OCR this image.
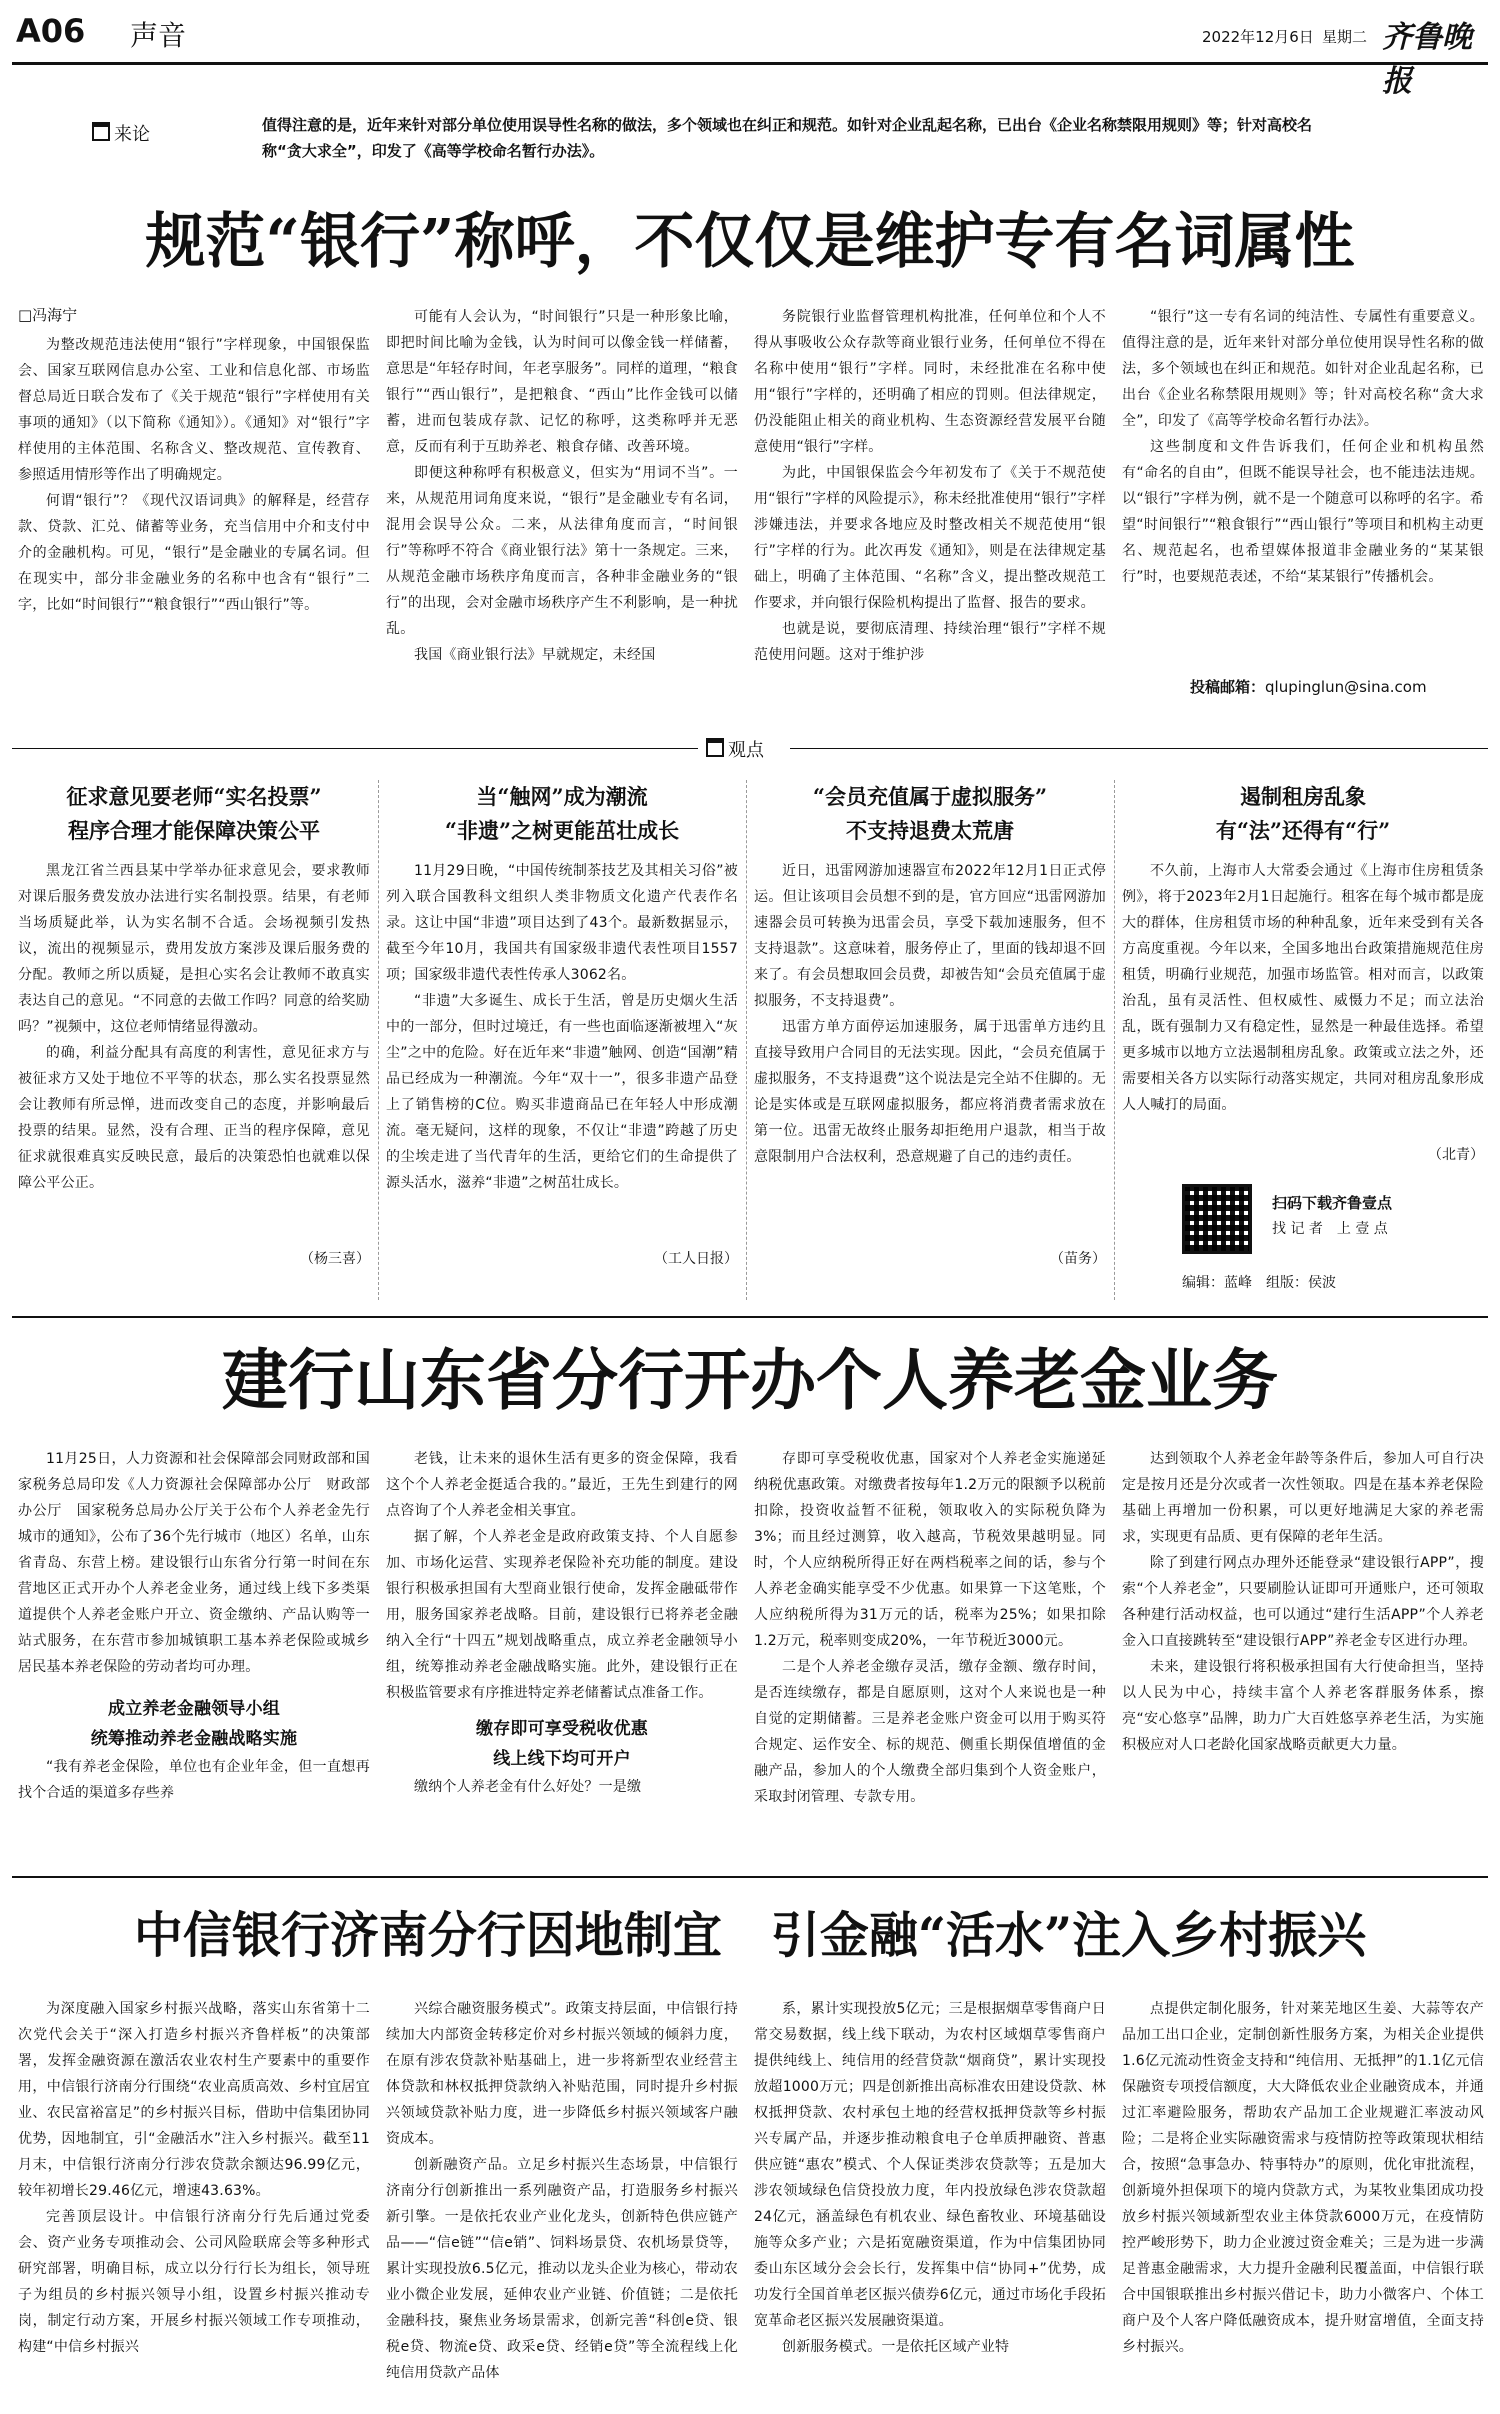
A06 声音	2022年12月6日 星期二 齐鲁晚报
来论	值得注意的是，近年来针对部分单位使用误导性名称的做法，多个领域也在纠正和规范。如针对企业乱起名称，已出台《企业名称禁限用规则》等；针对高校名称“贪大求全”，印发了《高等学校命名暂行办法》。
规范“银行”称呼，不仅仅是维护专有名词属性
□冯海宁

为整改规范违法使用“银行”字样现象，中国银保监会、国家互联网信息办公室、工业和信息化部、市场监督总局近日联合发布了《关于规范“银行”字样使用有关事项的通知》（以下简称《通知》）。《通知》对“银行”字样使用的主体范围、名称含义、整改规范、宣传教育、参照适用情形等作出了明确规定。

何谓“银行”？《现代汉语词典》的解释是，经营存款、贷款、汇兑、储蓄等业务，充当信用中介和支付中介的金融机构。可见，“银行”是金融业的专属名词。但在现实中，部分非金融业务的名称中也含有“银行”二字，比如“时间银行”“粮食银行”“西山银行”等。

可能有人会认为，“时间银行”只是一种形象比喻，即把时间比喻为金钱，认为时间可以像金钱一样储蓄，意思是“年轻存时间，年老享服务”。同样的道理，“粮食银行”“西山银行”，是把粮食、“西山”比作金钱可以储蓄，进而包装成存款、记忆的称呼，这类称呼并无恶意，反而有利于互助养老、粮食存储、改善环境。

即便这种称呼有积极意义，但实为“用词不当”。一来，从规范用词角度来说，“银行”是金融业专有名词，混用会误导公众。二来，从法律角度而言，“时间银行”等称呼不符合《商业银行法》第十一条规定。三来，从规范金融市场秩序角度而言，各种非金融业务的“银行”的出现，会对金融市场秩序产生不利影响，是一种扰乱。

我国《商业银行法》早就规定，未经国

务院银行业监督管理机构批准，任何单位和个人不得从事吸收公众存款等商业银行业务，任何单位不得在名称中使用“银行”字样。同时，未经批准在名称中使用“银行”字样的，还明确了相应的罚则。但法律规定，仍没能阻止相关的商业机构、生态资源经营发展平台随意使用“银行”字样。

为此，中国银保监会今年初发布了《关于不规范使用“银行”字样的风险提示》，称未经批准使用“银行”字样涉嫌违法，并要求各地应及时整改相关不规范使用“银行”字样的行为。此次再发《通知》，则是在法律规定基础上，明确了主体范围、“名称”含义，提出整改规范工作要求，并向银行保险机构提出了监督、报告的要求。

也就是说，要彻底清理、持续治理“银行”字样不规范使用问题。这对于维护涉

“银行”这一专有名词的纯洁性、专属性有重要意义。值得注意的是，近年来针对部分单位使用误导性名称的做法，多个领域也在纠正和规范。如针对企业乱起名称，已出台《企业名称禁限用规则》等；针对高校名称“贪大求全”，印发了《高等学校命名暂行办法》。

这些制度和文件告诉我们，任何企业和机构虽然有“命名的自由”，但既不能误导社会，也不能违法违规。以“银行”字样为例，就不是一个随意可以称呼的名字。希望“时间银行”“粮食银行”“西山银行”等项目和机构主动更名、规范起名，也希望媒体报道非金融业务的“某某银行”时，也要规范表述，不给“某某银行”传播机会。

投稿邮箱：qlupinglun@sina.com
观点
征求意见要老师“实名投票”
程序合理才能保障决策公平

黑龙江省兰西县某中学举办征求意见会，要求教师对课后服务费发放办法进行实名制投票。结果，有老师当场质疑此举，认为实名制不合适。会场视频引发热议，流出的视频显示，费用发放方案涉及课后服务费的分配。教师之所以质疑，是担心实名会让教师不敢真实表达自己的意见。“不同意的去做工作吗？同意的给奖励吗？”视频中，这位老师情绪显得激动。

的确，利益分配具有高度的利害性，意见征求方与被征求方又处于地位不平等的状态，那么实名投票显然会让教师有所忌惮，进而改变自己的态度，并影响最后投票的结果。显然，没有合理、正当的程序保障，意见征求就很难真实反映民意，最后的决策恐怕也就难以保障公平公正。

（杨三喜）
当“触网”成为潮流
“非遗”之树更能茁壮成长

11月29日晚，“中国传统制茶技艺及其相关习俗”被列入联合国教科文组织人类非物质文化遗产代表作名录。这让中国“非遗”项目达到了43个。最新数据显示，截至今年10月，我国共有国家级非遗代表性项目1557项；国家级非遗代表性传承人3062名。

“非遗”大多诞生、成长于生活，曾是历史烟火生活中的一部分，但时过境迁，有一些也面临逐渐被埋入“灰尘”之中的危险。好在近年来“非遗”触网、创造“国潮”精品已经成为一种潮流。今年“双十一”，很多非遗产品登上了销售榜的C位。购买非遗商品已在年轻人中形成潮流。毫无疑问，这样的现象，不仅让“非遗”跨越了历史的尘埃走进了当代青年的生活，更给它们的生命提供了源头活水，滋养“非遗”之树茁壮成长。

（工人日报）
“会员充值属于虚拟服务”
不支持退费太荒唐

近日，迅雷网游加速器宣布2022年12月1日正式停运。但让该项目会员想不到的是，官方回应“迅雷网游加速器会员可转换为迅雷会员，享受下载加速服务，但不支持退款”。这意味着，服务停止了，里面的钱却退不回来了。有会员想取回会员费，却被告知“会员充值属于虚拟服务，不支持退费”。

迅雷方单方面停运加速服务，属于迅雷单方违约且直接导致用户合同目的无法实现。因此，“会员充值属于虚拟服务，不支持退费”这个说法是完全站不住脚的。无论是实体或是互联网虚拟服务，都应将消费者需求放在第一位。迅雷无故终止服务却拒绝用户退款，相当于故意限制用户合法权利，恐意规避了自己的违约责任。

（苗务）
遏制租房乱象
有“法”还得有“行”

不久前，上海市人大常委会通过《上海市住房租赁条例》，将于2023年2月1日起施行。租客在每个城市都是庞大的群体，住房租赁市场的种种乱象，近年来受到有关各方高度重视。今年以来，全国多地出台政策措施规范住房租赁，明确行业规范，加强市场监管。相对而言，以政策治乱，虽有灵活性、但权威性、威慑力不足；而立法治乱，既有强制力又有稳定性，显然是一种最佳选择。希望更多城市以地方立法遏制租房乱象。政策或立法之外，还需要相关各方以实际行动落实规定，共同对租房乱象形成人人喊打的局面。

（北青）
扫码下载齐鲁壹点
找 记 者　上 壹 点
编辑：蓝峰　组版：侯波
建行山东省分行开办个人养老金业务

11月25日，人力资源和社会保障部会同财政部和国家税务总局印发《人力资源社会保障部办公厅　财政部办公厅　国家税务总局办公厅关于公布个人养老金先行城市的通知》，公布了36个先行城市（地区）名单，山东省青岛、东营上榜。建设银行山东省分行第一时间在东营地区正式开办个人养老金业务，通过线上线下多类渠道提供个人养老金账户开立、资金缴纳、产品认购等一站式服务，在东营市参加城镇职工基本养老保险或城乡居民基本养老保险的劳动者均可办理。

成立养老金融领导小组

统筹推动养老金融战略实施

“我有养老金保险，单位也有企业年金，但一直想再找个合适的渠道多存些养

老钱，让未来的退休生活有更多的资金保障，我看这个个人养老金挺适合我的。”最近，王先生到建行的网点咨询了个人养老金相关事宜。

据了解，个人养老金是政府政策支持、个人自愿参加、市场化运营、实现养老保险补充功能的制度。建设银行积极承担国有大型商业银行使命，发挥金融砥带作用，服务国家养老战略。目前，建设银行已将养老金融纳入全行“十四五”规划战略重点，成立养老金融领导小组，统筹推动养老金融战略实施。此外，建设银行正在积极监管要求有序推进特定养老储蓄试点准备工作。

缴存即可享受税收优惠

线上线下均可开户

缴纳个人养老金有什么好处？一是缴

存即可享受税收优惠，国家对个人养老金实施递延纳税优惠政策。对缴费者按每年1.2万元的限额予以税前扣除，投资收益暂不征税，领取收入的实际税负降为3%；而且经过测算，收入越高，节税效果越明显。同时，个人应纳税所得正好在两档税率之间的话，参与个人养老金确实能享受不少优惠。如果算一下这笔账，个人应纳税所得为31万元的话，税率为25%；如果扣除1.2万元，税率则变成20%，一年节税近3000元。

二是个人养老金缴存灵活，缴存金额、缴存时间，是否连续缴存，都是自愿原则，这对个人来说也是一种自觉的定期储蓄。三是养老金账户资金可以用于购买符合规定、运作安全、标的规范、侧重长期保值增值的金融产品，参加人的个人缴费全部归集到个人资金账户，采取封闭管理、专款专用。

达到领取个人养老金年龄等条件后，参加人可自行决定是按月还是分次或者一次性领取。四是在基本养老保险基础上再增加一份积累，可以更好地满足大家的养老需求，实现更有品质、更有保障的老年生活。

除了到建行网点办理外还能登录“建设银行APP”，搜索“个人养老金”，只要刷脸认证即可开通账户，还可领取各种建行活动权益，也可以通过“建行生活APP”个人养老金入口直接跳转至“建设银行APP”养老金专区进行办理。

未来，建设银行将积极承担国有大行使命担当，坚持以人民为中心，持续丰富个人养老客群服务体系，擦亮“安心悠享”品牌，助力广大百姓悠享养老生活，为实施积极应对人口老龄化国家战略贡献更大力量。

中信银行济南分行因地制宜　引金融“活水”注入乡村振兴

为深度融入国家乡村振兴战略，落实山东省第十二次党代会关于“深入打造乡村振兴齐鲁样板”的决策部署，发挥金融资源在激活农业农村生产要素中的重要作用，中信银行济南分行围绕“农业高质高效、乡村宜居宜业、农民富裕富足”的乡村振兴目标，借助中信集团协同优势，因地制宜，引“金融活水”注入乡村振兴。截至11月末，中信银行济南分行涉农贷款余额达96.99亿元，较年初增长29.46亿元，增速43.63%。

完善顶层设计。中信银行济南分行先后通过党委会、资产业务专项推动会、公司风险联席会等多种形式研究部署，明确目标，成立以分行行长为组长，领导班子为组员的乡村振兴领导小组，设置乡村振兴推动专岗，制定行动方案，开展乡村振兴领域工作专项推动，构建“中信乡村振兴

兴综合融资服务模式”。政策支持层面，中信银行持续加大内部资金转移定价对乡村振兴领域的倾斜力度，在原有涉农贷款补贴基础上，进一步将新型农业经营主体贷款和林权抵押贷款纳入补贴范围，同时提升乡村振兴领域贷款补贴力度，进一步降低乡村振兴领域客户融资成本。

创新融资产品。立足乡村振兴生态场景，中信银行济南分行创新推出一系列融资产品，打造服务乡村振兴新引擎。一是依托农业产业化龙头，创新特色供应链产品——“信e链”“信e销”、饲料场景贷、农机场景贷等，累计实现投放6.5亿元，推动以龙头企业为核心，带动农业小微企业发展，延伸农业产业链、价值链；二是依托金融科技，聚焦业务场景需求，创新完善“科创e贷、银税e贷、物流e贷、政采e贷、经销e贷”等全流程线上化纯信用贷款产品体

系，累计实现投放5亿元；三是根据烟草零售商户日常交易数据，线上线下联动，为农村区域烟草零售商户提供纯线上、纯信用的经营贷款“烟商贷”，累计实现投放超1000万元；四是创新推出高标准农田建设贷款、林权抵押贷款、农村承包土地的经营权抵押贷款等乡村振兴专属产品，并逐步推动粮食电子仓单质押融资、普惠供应链“惠农”模式、个人保证类涉农贷款等；五是加大涉农领域绿色信贷投放力度，年内投放绿色涉农贷款超24亿元，涵盖绿色有机农业、绿色畜牧业、环境基础设施等众多产业；六是拓宽融资渠道，作为中信集团协同委山东区域分会会长行，发挥集中信“协同+”优势，成功发行全国首单老区振兴债券6亿元，通过市场化手段拓宽革命老区振兴发展融资渠道。

创新服务模式。一是依托区域产业特

点提供定制化服务，针对莱芜地区生姜、大蒜等农产品加工出口企业，定制创新性服务方案，为相关企业提供1.6亿元流动性资金支持和“纯信用、无抵押”的1.1亿元信保融资专项授信额度，大大降低农业企业融资成本，并通过汇率避险服务，帮助农产品加工企业规避汇率波动风险；二是将企业实际融资需求与疫情防控等政策现状相结合，按照“急事急办、特事特办”的原则，优化审批流程，创新境外担保项下的境内贷款方式，为某牧业集团成功投放乡村振兴领域新型农业主体贷款6000万元，在疫情防控严峻形势下，助力企业渡过资金难关；三是为进一步满足普惠金融需求，大力提升金融利民覆盖面，中信银行联合中国银联推出乡村振兴借记卡，助力小微客户、个体工商户及个人客户降低融资成本，提升财富增值，全面支持乡村振兴。
